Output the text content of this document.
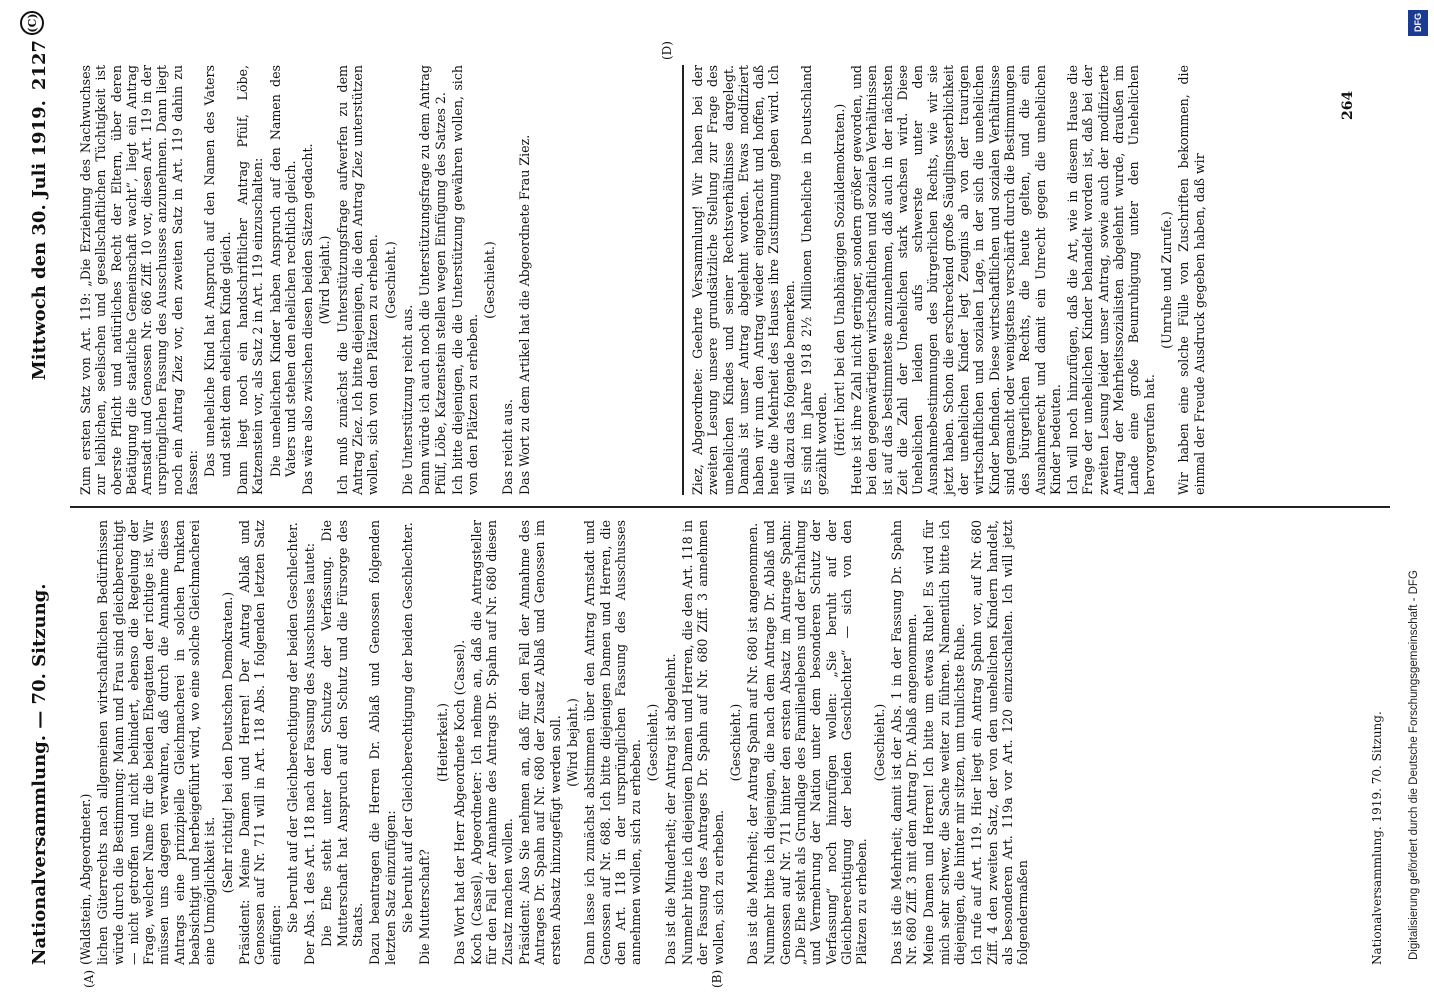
Nationalversammlung. — 70. Sitzung.
Mittwoch den 30. Juli 1919.
2127
(A)	(B)
(D)

(Waldstein, Abgeordneter.) lichen Güterrechts nach allgemeinen wirtschaftlichen Bedürfnissen würde durch die Bestimmung: Mann und Frau sind gleichberechtigt — nicht getroffen und nicht behindert, ebenso die Regelung der Frage, welcher Name für die beiden Ehegatten der richtige ist. Wir müssen uns dagegen verwahren, daß durch die Annahme dieses Antrags eine prinzipielle Gleichmacherei in solchen Punkten beabsichtigt und herbeigeführt wird, wo eine solche Gleichmacherei eine Unmöglichkeit ist. (Sehr richtig! bei den Deutschen Demokraten.) Präsident: Meine Damen und Herren! Der Antrag Ablaß und Genossen auf Nr. 711 will in Art. 118 Abs. 1 folgenden letzten Satz einfügen:

Sie beruht auf der Gleichberechtigung der beiden Geschlechter. Der Abs. 1 des Art. 118 nach der Fassung des Ausschusses lautet: Die Ehe steht unter dem Schutze der Verfassung. Die Mutterschaft hat Anspruch auf den Schutz und die Fürsorge des Staats. Dazu beantragen die Herren Dr. Ablaß und Genossen folgenden letzten Satz einzufügen: Sie beruht auf der Gleichberechtigung der beiden Geschlechter. Die Mutterschaft?

(Heiterkeit.) Das Wort hat der Herr Abgeordnete Koch (Cassel). Koch (Cassel), Abgeordneter: Ich nehme an, daß die Antragsteller für den Fall der Annahme des Antrags Dr. Spahn auf Nr. 680 diesen Zusatz machen wollen. Präsident: Also Sie nehmen an, daß für den Fall der Annahme des Antrages Dr. Spahn auf Nr. 680 der Zusatz Ablaß und Genossen im ersten Absatz hinzugefügt werden soll. (Wird bejaht.) Dann lasse ich zunächst abstimmen über den Antrag Arnstadt und Genossen auf Nr. 688. Ich bitte diejenigen Damen und Herren, die den Art. 118 in der ursprünglichen Fassung des Ausschusses annehmen wollen, sich zu erheben. (Geschieht.) Das ist die Minderheit; der Antrag ist abgelehnt. Nunmehr bitte ich diejenigen Damen und Herren, die den Art. 118 in der Fassung des Antrages Dr. Spahn auf Nr. 680 Ziff. 3 annehmen wollen, sich zu erheben.

(Geschieht.) Das ist die Mehrheit; der Antrag Spahn auf Nr. 680 ist angenommen. Nunmehr bitte ich diejenigen, die nach dem Antrage Dr. Ablaß und Genossen auf Nr. 711 hinter den ersten Absatz im Antrage Spahn: „Die Ehe steht als Grundlage des Familienlebens und der Erhaltung und Vermehrung der Nation unter dem besonderen Schutz der Verfassung“ noch hinzufügen wollen: „Sie beruht auf der Gleichberechtigung der beiden Geschlechter“ — sich von den Plätzen zu erheben.

(Geschieht.) Das ist die Mehrheit; damit ist der Abs. 1 in der Fassung Dr. Spahn Nr. 680 Ziff. 3 mit dem Antrag Dr. Ablaß angenommen. Meine Damen und Herren! Ich bitte um etwas Ruhe! Es wird für mich sehr schwer, die Sache weiter zu führen. Namentlich bitte ich diejenigen, die hinter mir sitzen, um tunlichste Ruhe. Ich rufe auf Art. 119. Hier liegt ein Antrag Spahn vor, auf Nr. 680 Ziff. 4 den zweiten Satz, der von den unehelichen Kindern handelt, als besonderen Art. 119a vor Art. 120 einzuschalten. Ich will jetzt folgendermaßen

Zum ersten Satz von Art. 119: „Die Erziehung des Nachwuchses zur leiblichen, seelischen und gesellschaftlichen Tüchtigkeit ist oberste Pflicht und natürliches Recht der Eltern, über deren Betätigung die staatliche Gemeinschaft wacht“, liegt ein Antrag Arnstadt und Genossen Nr. 686 Ziff. 10 vor, diesen Art. 119 in der ursprünglichen Fassung des Ausschusses anzunehmen. Dann liegt noch ein Antrag Ziez vor, den zweiten Satz in Art. 119 dahin zu fassen: Das uneheliche Kind hat Anspruch auf den Namen des Vaters und steht dem ehelichen Kinde gleich. Dann liegt noch ein handschriftlicher Antrag Pfülf, Löbe, Katzenstein vor, als Satz 2 in Art. 119 einzuschalten: Die unehelichen Kinder haben Anspruch auf den Namen des Vaters und stehen den ehelichen rechtlich gleich. Das wäre also zwischen diesen beiden Sätzen gedacht. (Wird bejaht.) Ich muß zunächst die Unterstützungsfrage aufwerfen zu dem Antrag Ziez. Ich bitte diejenigen, die den Antrag Ziez unterstützen wollen, sich von den Plätzen zu erheben. (Geschieht.)

Die Unterstützung reicht aus. Dann würde ich auch noch die Unterstützungsfrage zu dem Antrag Pfülf, Löbe, Katzenstein stellen wegen Einfügung des Satzes 2. Ich bitte diejenigen, die die Unterstützung gewähren wollen, sich von den Plätzen zu erheben.

(Geschieht.)

Das reicht aus. Das Wort zu dem Artikel hat die Abgeordnete Frau Ziez.	Ziez, Abgeordnete: Geehrte Versammlung! Wir haben bei der zweiten Lesung unsere grundsätzliche Stellung zur Frage des unehelichen Kindes und seiner Rechtsverhältnisse dargelegt. Damals ist unser Antrag abgelehnt worden. Etwas modifiziert haben wir nun den Antrag wieder eingebracht und hoffen, daß heute die Mehrheit des Hauses ihre Zustimmung geben wird. Ich will dazu das folgende bemerken. Es sind im Jahre 1918 2½ Millionen Uneheliche in Deutschland gezählt worden. (Hört! hört! bei den Unabhängigen Sozialdemokraten.) Heute ist ihre Zahl nicht geringer, sondern größer geworden, und bei den gegenwärtigen wirtschaftlichen und sozialen Verhältnissen ist auf das bestimmteste anzunehmen, daß auch in der nächsten Zeit die Zahl der Unehelichen stark wachsen wird. Diese Unehelichen leiden aufs schwerste unter den Ausnahmebestimmungen des bürgerlichen Rechts, wie wir sie jetzt haben. Schon die erschreckend große Säuglingssterblichkeit der unehelichen Kinder legt Zeugnis ab von der traurigen wirtschaftlichen und sozialen Lage, in der sich die unehelichen Kinder befinden. Diese wirtschaftlichen und sozialen Verhältnisse sind gemacht oder wenigstens verschärft durch die Bestimmungen des bürgerlichen Rechts, die heute gelten, und die ein Ausnahmerecht und damit ein Unrecht gegen die unehelichen Kinder bedeuten. Ich will noch hinzufügen, daß die Art, wie in diesem Hause die Frage der unehelichen Kinder behandelt worden ist, daß bei der zweiten Lesung leider unser Antrag, sowie auch der modifizierte Antrag der Mehrheitssozialisten abgelehnt wurde, draußen im Lande eine große Beunruhigung unter den Unehelichen hervorgerufen hat.

(Unruhe und Zurufe.) Wir haben eine solche Fülle von Zuschriften bekommen, die einmal der Freude Ausdruck gegeben haben, daß wir

Nationalversammlung. 1919. 70. Sitzung.
264
(C)
Digitalisierung gefördert durch die Deutsche Forschungsgemeinschaft - DFG
DFG
